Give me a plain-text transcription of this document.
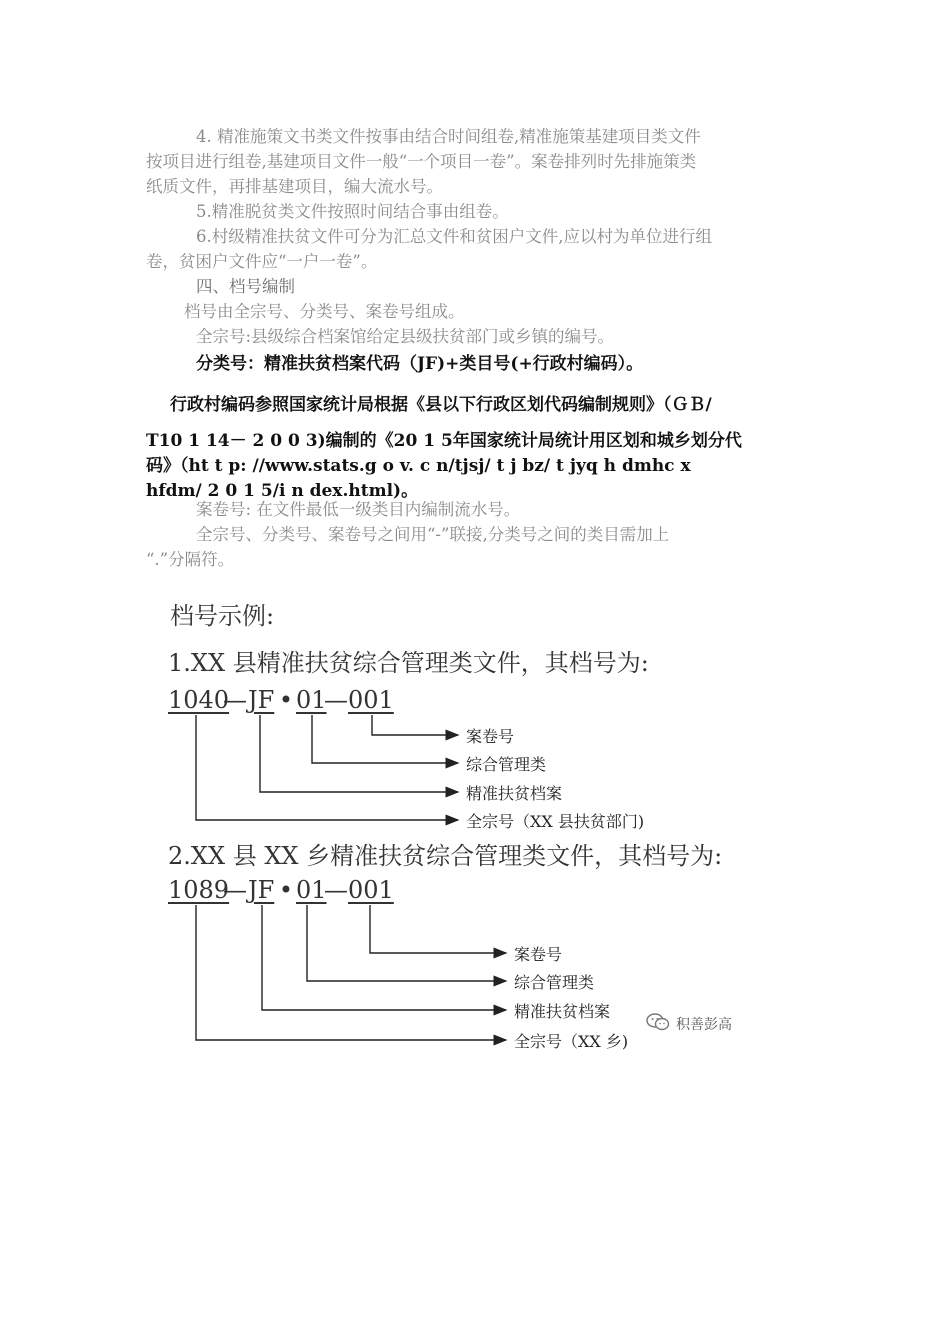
4. 精准施策文书类文件按事由结合时间组卷,精准施策基建项目类文件

按项目进行组卷,基建项目文件一般“一个项目一卷”。案卷排列时先排施策类

纸质文件，再排基建项目，编大流水号。

5.精准脱贫类文件按照时间结合事由组卷。

6.村级精准扶贫文件可分为汇总文件和贫困户文件,应以村为单位进行组

卷，贫困户文件应“一户一卷”。

四、档号编制

档号由全宗号、分类号、案卷号组成。

全宗号:县级综合档案馆给定县级扶贫部门或乡镇的编号。

分类号：精准扶贫档案代码（JF)+类目号(+行政村编码）。

行政村编码参照国家统计局根据《县以下行政区划代码编制规则》（ＧＢ/

T10 1 14－ 2 0 0 3)编制的《20 1 5年国家统计局统计用区划和城乡划分代

码》（ht t p: //www.stats.g o v. c n/tjsj/ t j bz/ t jyq h dmhc x

hfdm/ 2 0 1 5/i n dex.html)。

案卷号: 在文件最低一级类目内编制流水号。

全宗号、分类号、案卷号之间用“-”联接,分类号之间的类目需加上

“.”分隔符。

档号示例:

1.XX 县精准扶贫综合管理类文件，其档号为:

1040—JF • 01—001

案卷号

综合管理类

精准扶贫档案

全宗号（XX 县扶贫部门)

2.XX 县 XX 乡精准扶贫综合管理类文件，其档号为:

1089—JF • 01—001

案卷号

综合管理类

精准扶贫档案

全宗号（XX 乡)

积善彭高
